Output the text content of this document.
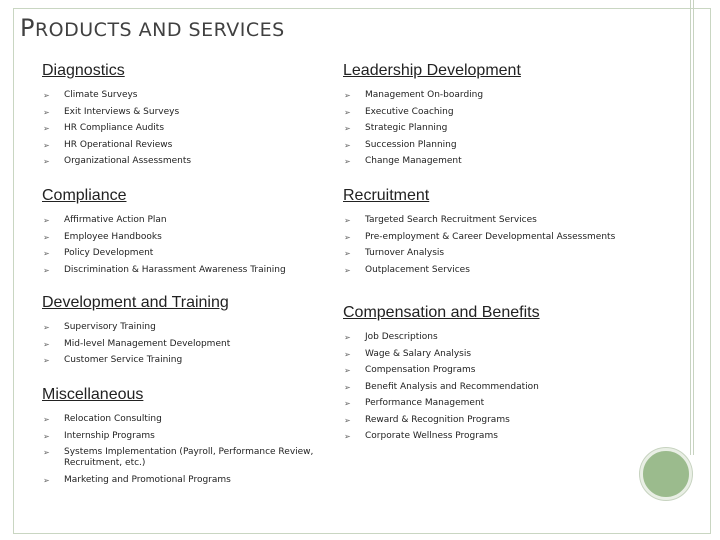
PRODUCTS AND SERVICES
Diagnostics
➢ Climate Surveys
➢ Exit Interviews & Surveys
➢ HR Compliance Audits
➢ HR Operational Reviews
➢ Organizational Assessments
Leadership Development
➢ Management On-boarding
➢ Executive Coaching
➢ Strategic Planning
➢ Succession Planning
➢ Change Management
Compliance
➢ Affirmative Action Plan
➢ Employee Handbooks
➢ Policy Development
➢ Discrimination & Harassment Awareness Training
Recruitment
➢ Targeted Search Recruitment Services
➢ Pre-employment & Career Developmental Assessments
➢ Turnover Analysis
➢ Outplacement Services
Development and Training
➢ Supervisory Training
➢ Mid-level Management Development
➢ Customer Service Training
Compensation and Benefits
➢ Job Descriptions
➢ Wage & Salary Analysis
➢ Compensation Programs
➢ Benefit Analysis and Recommendation
➢ Performance Management
➢ Reward & Recognition Programs
➢ Corporate Wellness Programs
Miscellaneous
➢ Relocation Consulting
➢ Internship Programs
➢ Systems Implementation (Payroll, Performance Review, Recruitment, etc.)
➢ Marketing and Promotional Programs
